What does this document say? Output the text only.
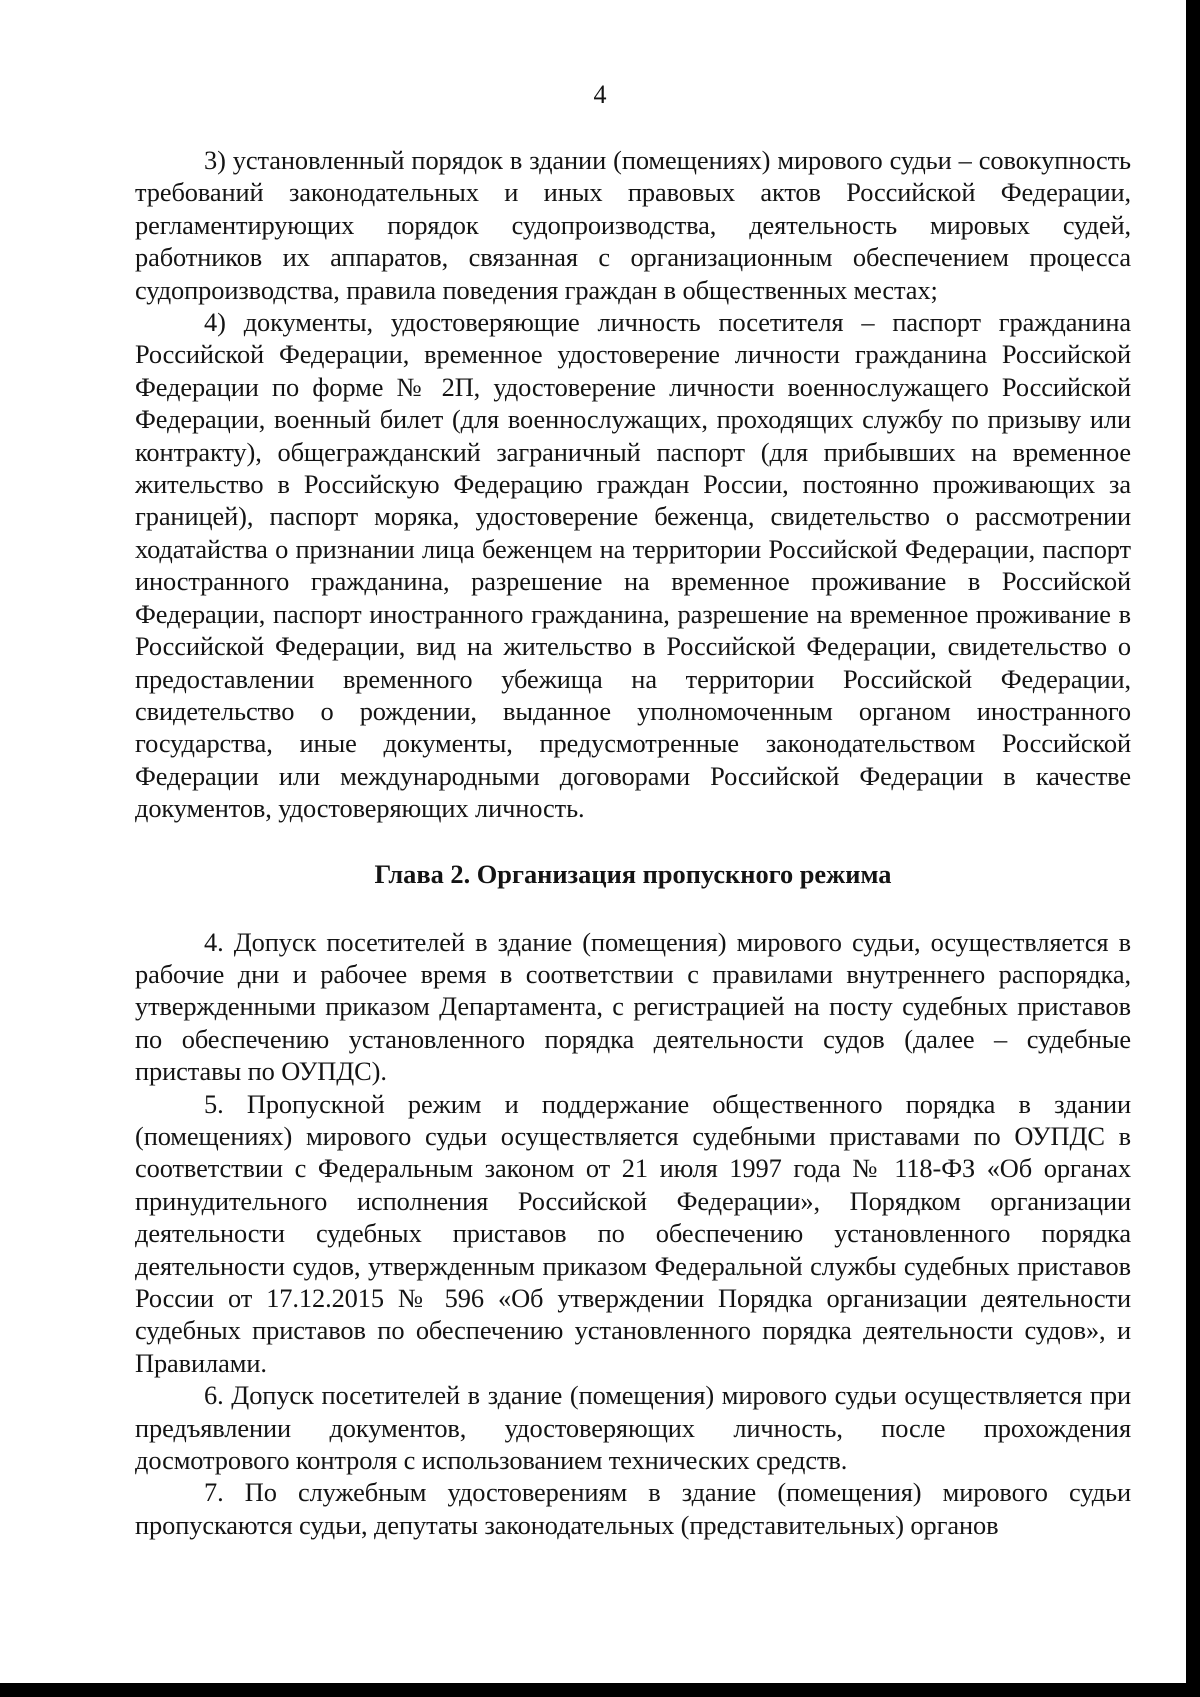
4

3) установленный порядок в здании (помещениях) мирового судьи – совокупность требований законодательных и иных правовых актов Российской Федерации, регламентирующих порядок судопроизводства, деятельность мировых судей, работников их аппаратов, связанная с организационным обеспечением процесса судопроизводства, правила поведения граждан в общественных местах;

4) документы, удостоверяющие личность посетителя – паспорт гражданина Российской Федерации, временное удостоверение личности гражданина Российской Федерации по форме № 2П, удостоверение личности военнослужащего Российской Федерации, военный билет (для военнослужащих, проходящих службу по призыву или контракту), общегражданский заграничный паспорт (для прибывших на временное жительство в Российскую Федерацию граждан России, постоянно проживающих за границей), паспорт моряка, удостоверение беженца, свидетельство о рассмотрении ходатайства о признании лица беженцем на территории Российской Федерации, паспорт иностранного гражданина, разрешение на временное проживание в Российской Федерации, паспорт иностранного гражданина, разрешение на временное проживание в Российской Федерации, вид на жительство в Российской Федерации, свидетельство о предоставлении временного убежища на территории Российской Федерации, свидетельство о рождении, выданное уполномоченным органом иностранного государства, иные документы, предусмотренные законодательством Российской Федерации или международными договорами Российской Федерации в качестве документов, удостоверяющих личность.

Глава 2. Организация пропускного режима

4. Допуск посетителей в здание (помещения) мирового судьи, осуществляется в рабочие дни и рабочее время в соответствии с правилами внутреннего распорядка, утвержденными приказом Департамента, с регистрацией на посту судебных приставов по обеспечению установленного порядка деятельности судов (далее – судебные приставы по ОУПДС).

5. Пропускной режим и поддержание общественного порядка в здании (помещениях) мирового судьи осуществляется судебными приставами по ОУПДС в соответствии с Федеральным законом от 21 июля 1997 года № 118-ФЗ «Об органах принудительного исполнения Российской Федерации», Порядком организации деятельности судебных приставов по обеспечению установленного порядка деятельности судов, утвержденным приказом Федеральной службы судебных приставов России от 17.12.2015 № 596 «Об утверждении Порядка организации деятельности судебных приставов по обеспечению установленного порядка деятельности судов», и Правилами.

6. Допуск посетителей в здание (помещения) мирового судьи осуществляется при предъявлении документов, удостоверяющих личность, после прохождения досмотрового контроля с использованием технических средств.

7. По служебным удостоверениям в здание (помещения) мирового судьи пропускаются судьи, депутаты законодательных (представительных) органов
